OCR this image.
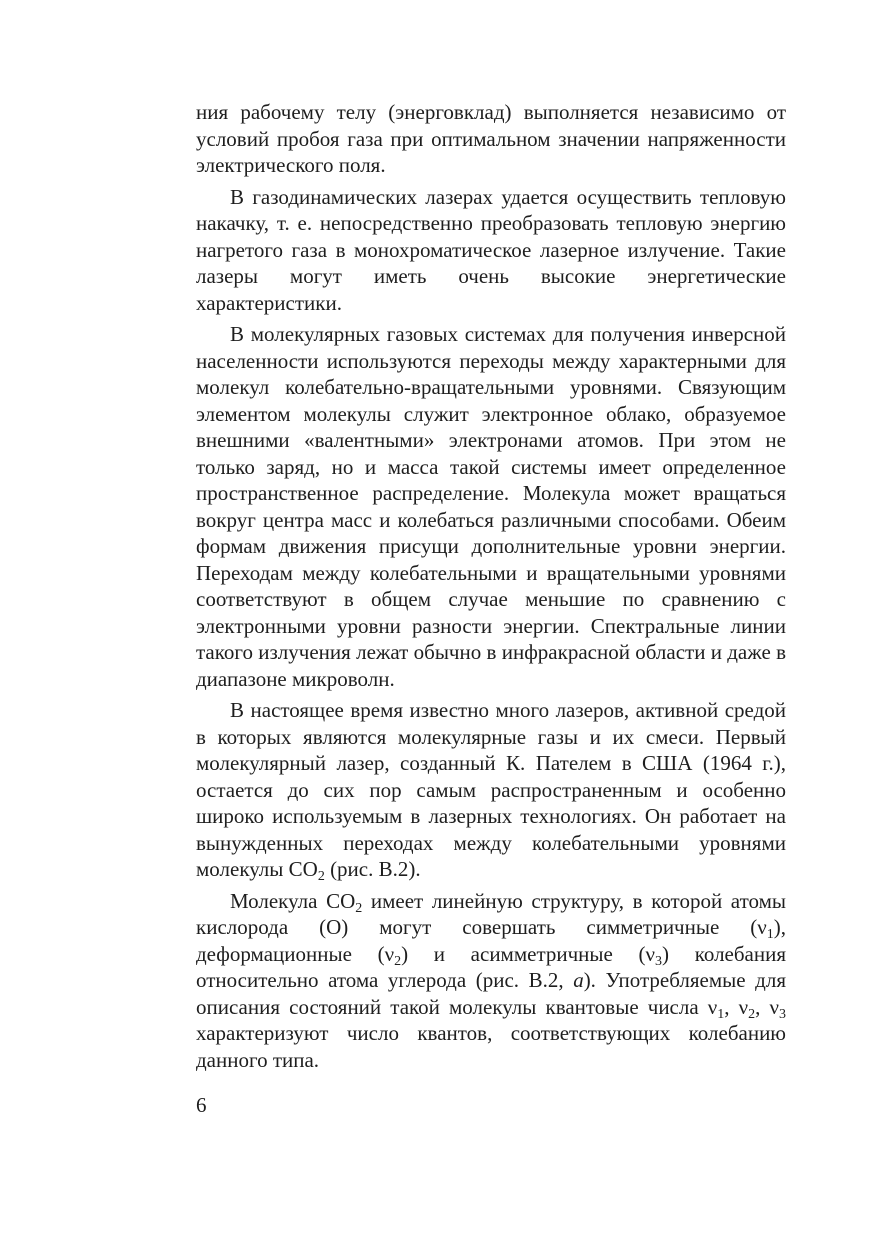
ния рабочему телу (энерговклад) выполняется независимо от условий пробоя газа при оптимальном значении напряженности электрического поля.

В газодинамических лазерах удается осуществить тепловую накачку, т. е. непосредственно преобразовать тепловую энергию нагретого газа в монохроматическое лазерное излучение. Такие лазеры могут иметь очень высокие энергетические характеристики.

В молекулярных газовых системах для получения инверсной населенности используются переходы между характерными для молекул колебательно-вращательными уровнями. Связующим элементом молекулы служит электронное облако, образуемое внешними «валентными» электронами атомов. При этом не только заряд, но и масса такой системы имеет определенное пространственное распределение. Молекула может вращаться вокруг центра масс и колебаться различными способами. Обеим формам движения присущи дополнительные уровни энергии. Переходам между колебательными и вращательными уровнями соответствуют в общем случае меньшие по сравнению с электронными уровни разности энергии. Спектральные линии такого излучения лежат обычно в инфракрасной области и даже в диапазоне микроволн.

В настоящее время известно много лазеров, активной средой в которых являются молекулярные газы и их смеси. Первый молекулярный лазер, созданный К. Пателем в США (1964 г.), остается до сих пор самым распространенным и особенно широко используемым в лазерных технологиях. Он работает на вынужденных переходах между колебательными уровнями молекулы $CO_2$ (рис. В.2).

Молекула $CO_2$ имеет линейную структуру, в которой атомы кислорода (O) могут совершать симметричные $(\nu_1)$, деформационные $(\nu_2)$ и асимметричные $(\nu_3)$ колебания относительно атома углерода (рис. В.2, а). Употребляемые для описания состояний такой молекулы квантовые числа $\nu_1$, $\nu_2$, $\nu_3$ характеризуют число квантов, соответствующих колебанию данного типа.

6
